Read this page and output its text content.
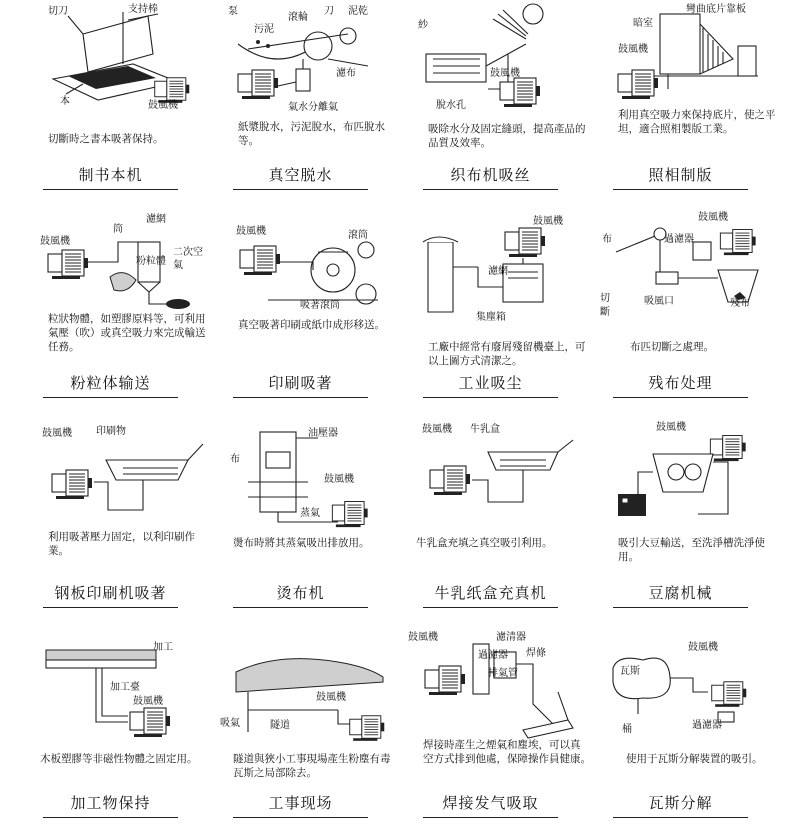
切刀	支持棒
本	鼓風機
切斷時之書本吸著保持。
制书本机
泵
污泥
滾輪
刀 泥乾
濾布
氣水分離氣
紙漿脫水，污泥脫水，布匹脫水等。
真空脱水
紗
鼓風機
脫水孔
吸除水分及固定縫頭，提高產品的品質及效率。
织布机吸丝
彎曲底片靠板
暗室
鼓風機
利用真空吸力來保持底片，使之平坦，適合照相製版工業。
照相制版
鼓風機
筒
濾網
二次空氣
粉粒體
粒狀物體，如塑膠原料等，可利用氣壓（吹）或真空吸力來完成輸送任務。
粉粒体输送
鼓風機	滾筒
吸著滾筒
真空吸著印刷或紙巾成形移送。
印刷吸著
鼓風機
濾網
集塵箱
工廠中經常有廢屑殘留機臺上，可以上圖方式清潔之。
工业吸尘
鼓風機
布	過濾器
切斷
吸風口	殘布
布匹切斷之處理。
残布处理
鼓風機 印刷物
利用吸著壓力固定，以利印刷作業。
钢板印刷机吸著
油壓器
布
鼓風機
蒸氣
燙布時將其蒸氣吸出排放用。
烫布机
鼓風機 牛乳盒
牛乳盒充填之真空吸引利用。
牛乳纸盒充真机
鼓風機
吸引大豆輸送，至洗淨槽洗淨使用。
豆腐机械
加工
加工臺
鼓風機
木板塑膠等非磁性物體之固定用。
加工物保持
鼓風機
吸氣	隧道
隧道與狹小工事現場產生粉塵有毒瓦斯之局部除去。
工事现场
鼓風機	濾清器
過濾器 焊條
排氣管
焊接時產生之煙氣和塵埃，可以真 空方式排到他處，保障操作員健康。
焊接发气吸取
鼓風機
瓦斯
桶	過濾器
使用于瓦斯分解裝置的吸引。
瓦斯分解
